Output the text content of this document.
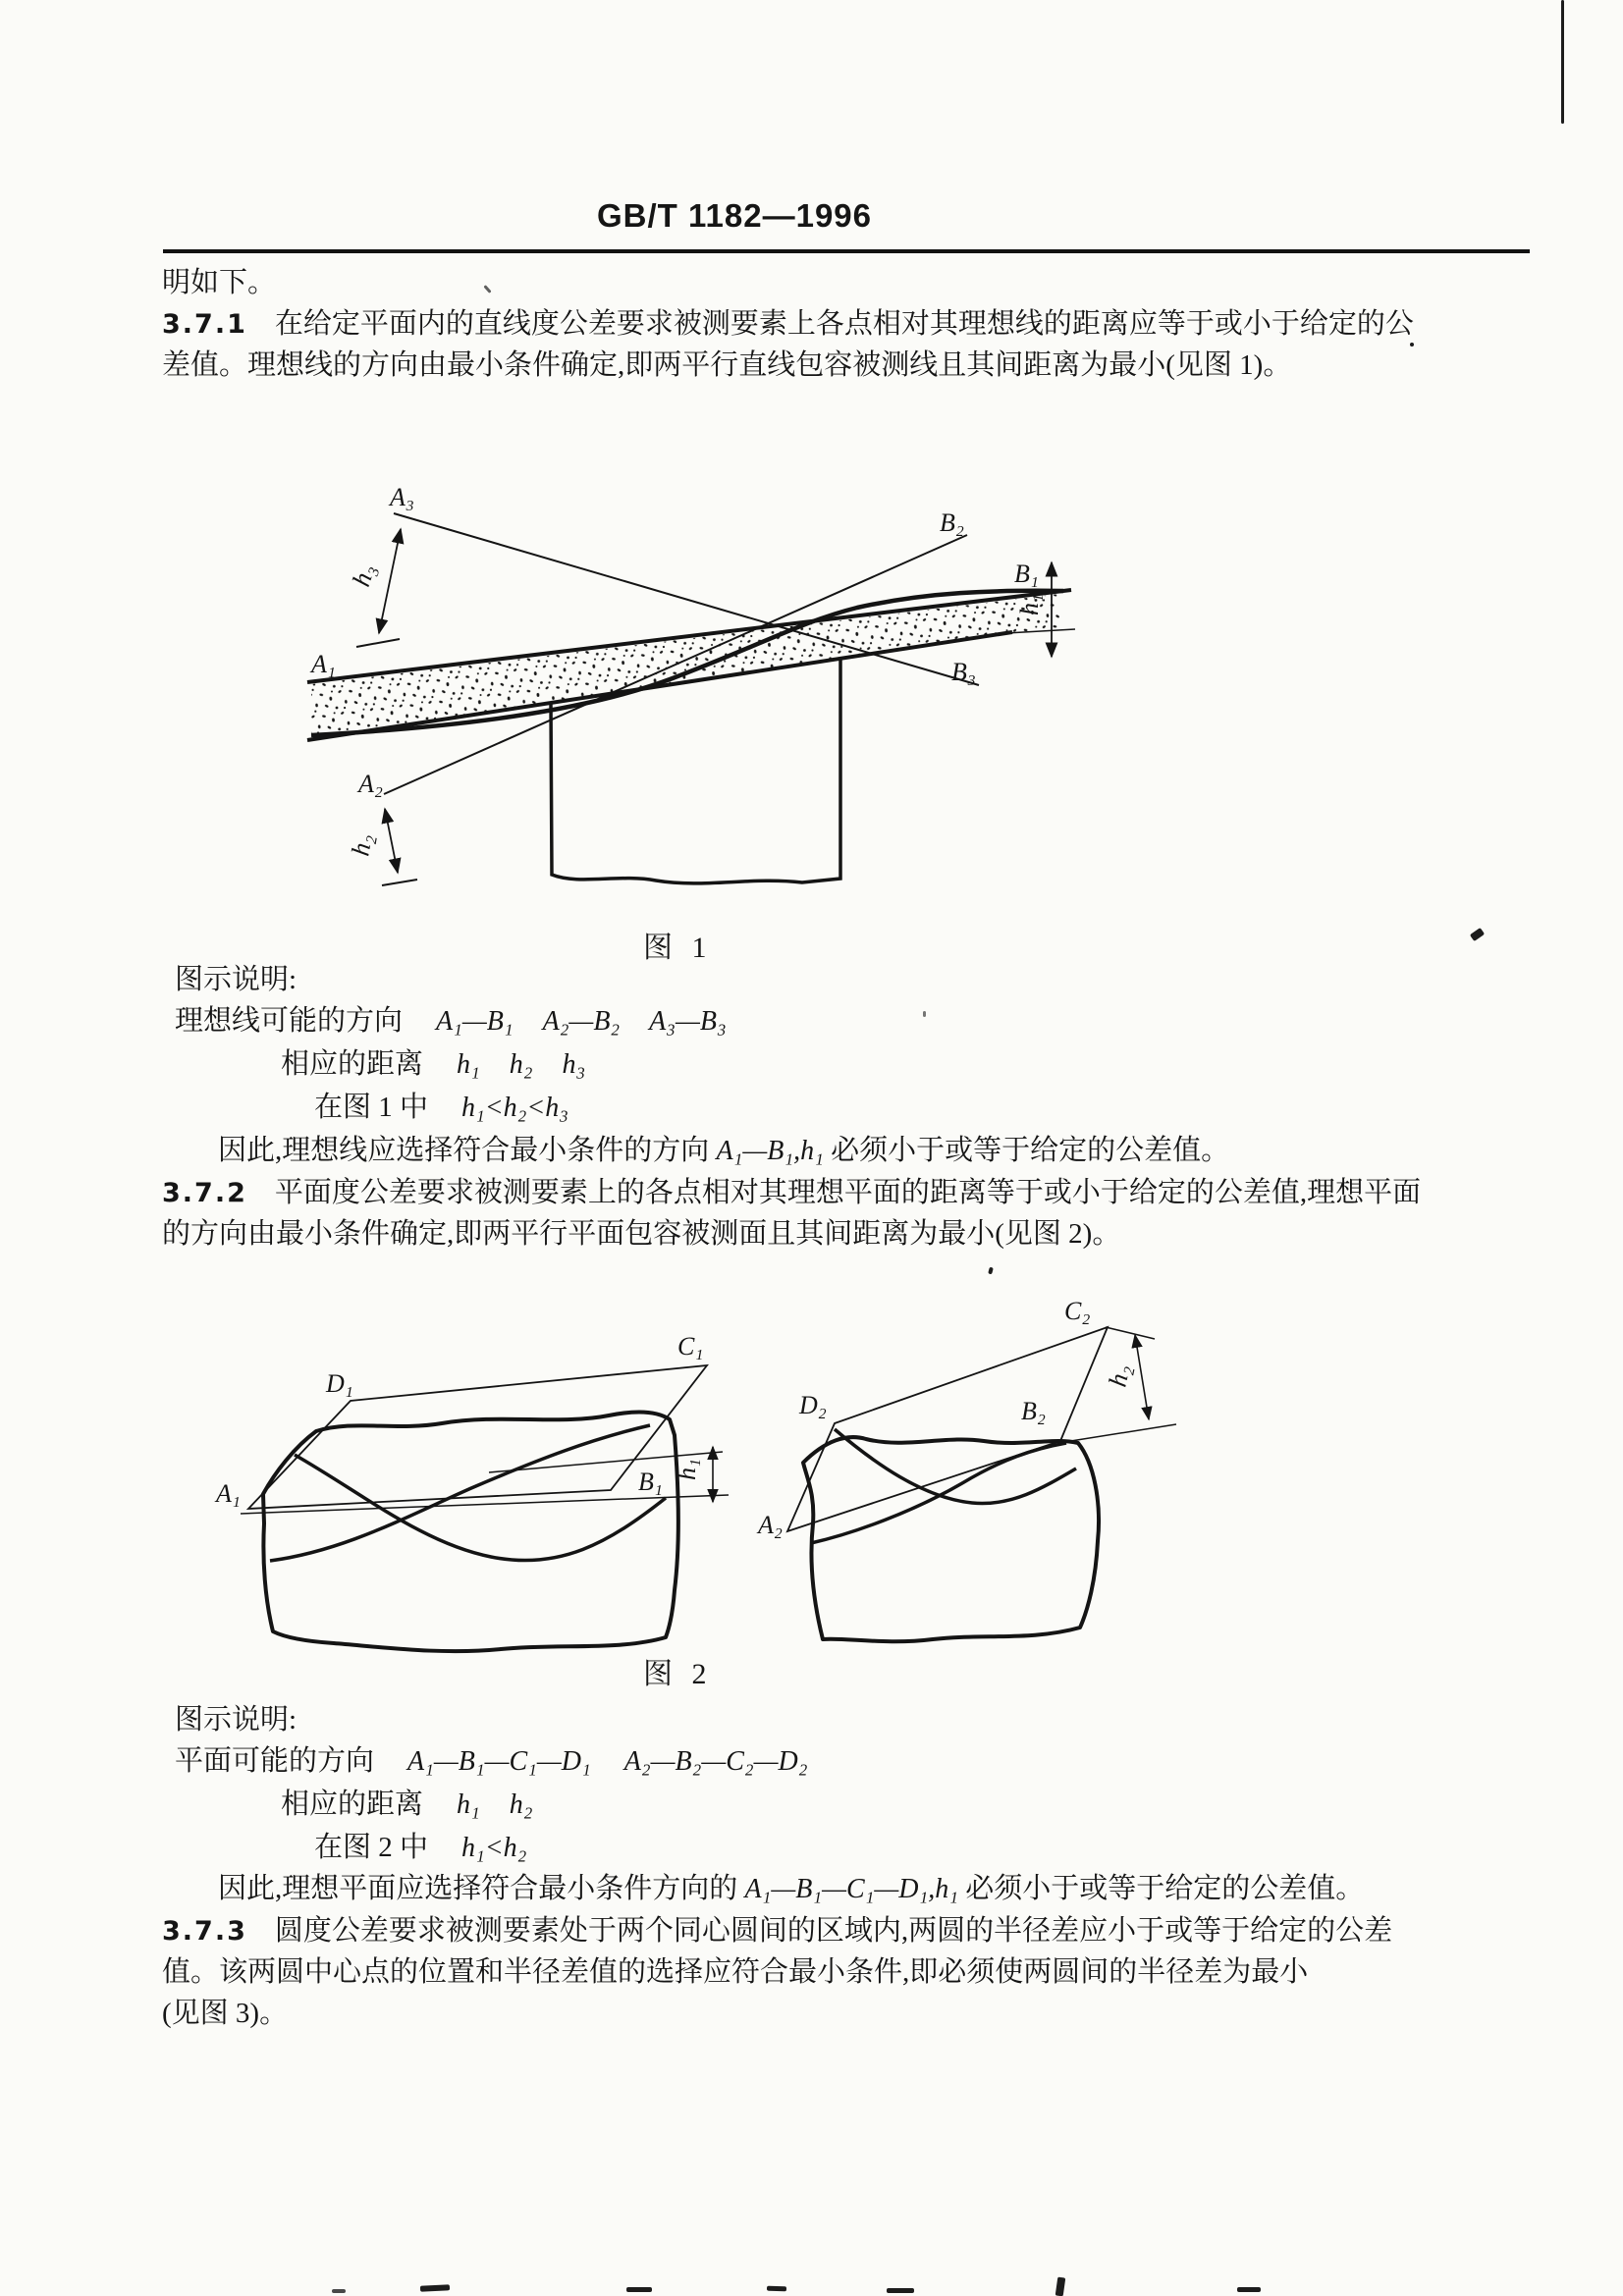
GB/T 1182—1996
明如下。
3.7.1 在给定平面内的直线度公差要求被测要素上各点相对其理想线的距离应等于或小于给定的公
差值。理想线的方向由最小条件确定,即两平行直线包容被测线且其间距离为最小(见图 1)。
A₃
h₃
A₁
A₂
h₂
B₂
B₁
h₁
B₃
图 1
图示说明:
理想线可能的方向 A₁—B₁ A₂—B₂ A₃—B₃
相应的距离 h₁ h₂ h₃
在图 1 中 h₁<h₂<h₃
因此,理想线应选择符合最小条件的方向 A₁—B₁,h₁ 必须小于或等于给定的公差值。
3.7.2 平面度公差要求被测要素上的各点相对其理想平面的距离等于或小于给定的公差值,理想平面
的方向由最小条件确定,即两平行平面包容被测面且其间距离为最小(见图 2)。
A₁
D₁
C₁
B₁ h₁
A₂
D₂
C₂
B₂
h₂
图 2
图示说明:
平面可能的方向 A₁—B₁—C₁—D₁ A₂—B₂—C₂—D₂
相应的距离 h₁ h₂
在图 2 中 h₁<h₂
因此,理想平面应选择符合最小条件方向的 A₁—B₁—C₁—D₁,h₁ 必须小于或等于给定的公差值。
3.7.3 圆度公差要求被测要素处于两个同心圆间的区域内,两圆的半径差应小于或等于给定的公差
值。该两圆中心点的位置和半径差值的选择应符合最小条件,即必须使两圆间的半径差为最小
(见图 3)。
